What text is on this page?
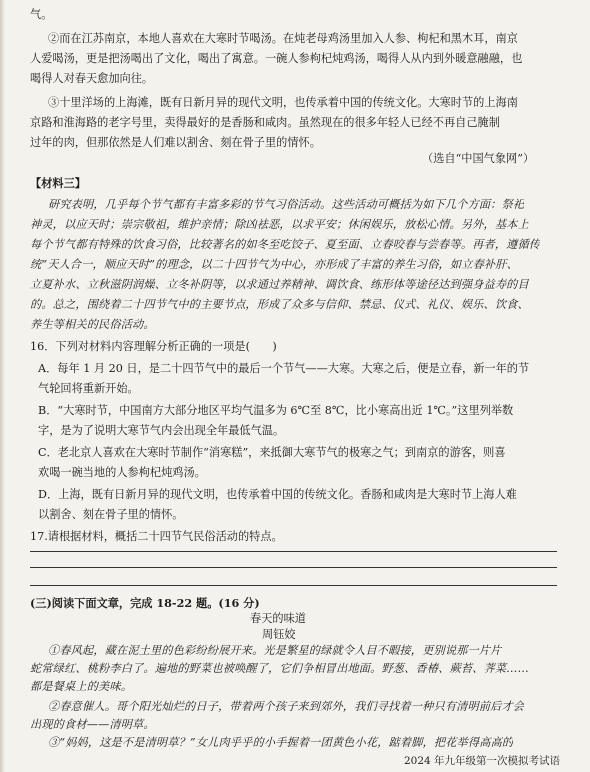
气。
②而在江苏南京，本地人喜欢在大寒时节喝汤。在炖老母鸡汤里加入人参、枸杞和黑木耳，南京
人爱喝汤，更是把汤喝出了文化，喝出了寓意。一碗人参枸杞炖鸡汤，喝得人从内到外暖意融融，也
喝得人对春天愈加向往。
③十里洋场的上海滩，既有日新月异的现代文明，也传承着中国的传统文化。大寒时节的上海南
京路和淮海路的老字号里，卖得最好的是香肠和咸肉。虽然现在的很多年轻人已经不再自己腌制
过年的肉，但那依然是人们难以割舍、刻在骨子里的情怀。
（选自“中国气象网”）
【材料三】
研究表明，几乎每个节气都有丰富多彩的节气习俗活动。这些活动可概括为如下几个方面：祭祀
神灵，以应天时；崇宗敬祖，维护亲情；除凶祛恶，以求平安；休闲娱乐，放松心情。另外，基本上
每个节气都有特殊的饮食习俗，比较著名的如冬至吃饺子、夏至面、立春咬春与尝春等。再者，遵循传
统“天人合一，顺应天时”的理念，以二十四节气为中心，亦形成了丰富的养生习俗，如立春补肝、
立夏补水、立秋滋阴润燥、立冬补阴等，以求通过养精神、调饮食、练形体等途径达到强身益寿的目
的。总之，围绕着二十四节气中的主要节点，形成了众多与信仰、禁忌、仪式、礼仪、娱乐、饮食、
养生等相关的民俗活动。
16．下列对材料内容理解分析正确的一项是(　　)
A．每年 1 月 20 日，是二十四节气中的最后一个节气——大寒。大寒之后，便是立春，新一年的节
气轮回将重新开始。
B．“大寒时节，中国南方大部分地区平均气温多为 6℃至 8℃，比小寒高出近 1℃。”这里列举数
字，是为了说明大寒节气内会出现全年最低气温。
C．老北京人喜欢在大寒时节制作“消寒糕”，来抵御大寒节气的极寒之气；到南京的游客，则喜
欢喝一碗当地的人参枸杞炖鸡汤。
D．上海，既有日新月异的现代文明，也传承着中国的传统文化。香肠和咸肉是大寒时节上海人难
以割舍、刻在骨子里的情怀。
17.请根据材料，概括二十四节气民俗活动的特点。
(三)阅读下面文章，完成 18-22 题。(16 分)
春天的味道
周钰姣
①春风起，藏在泥土里的色彩纷纷展开来。光是繁星的绿就令人目不暇接，更别说那一片片
蛇常绿红、桃粉李白了。遍地的野菜也被唤醒了，它们争相冒出地面。野葱、香椿、蕨苔、荠菜……
都是餐桌上的美味。
②春意催人。哥个阳光灿烂的日子，带着两个孩子来到郊外，我们寻找着一种只有清明前后才会
出现的食材——清明草。
③“妈妈，这是不是清明草？”女儿肉乎乎的小手握着一团黄色小花，踮着脚，把花举得高高的
2024 年九年级第一次模拟考试语
